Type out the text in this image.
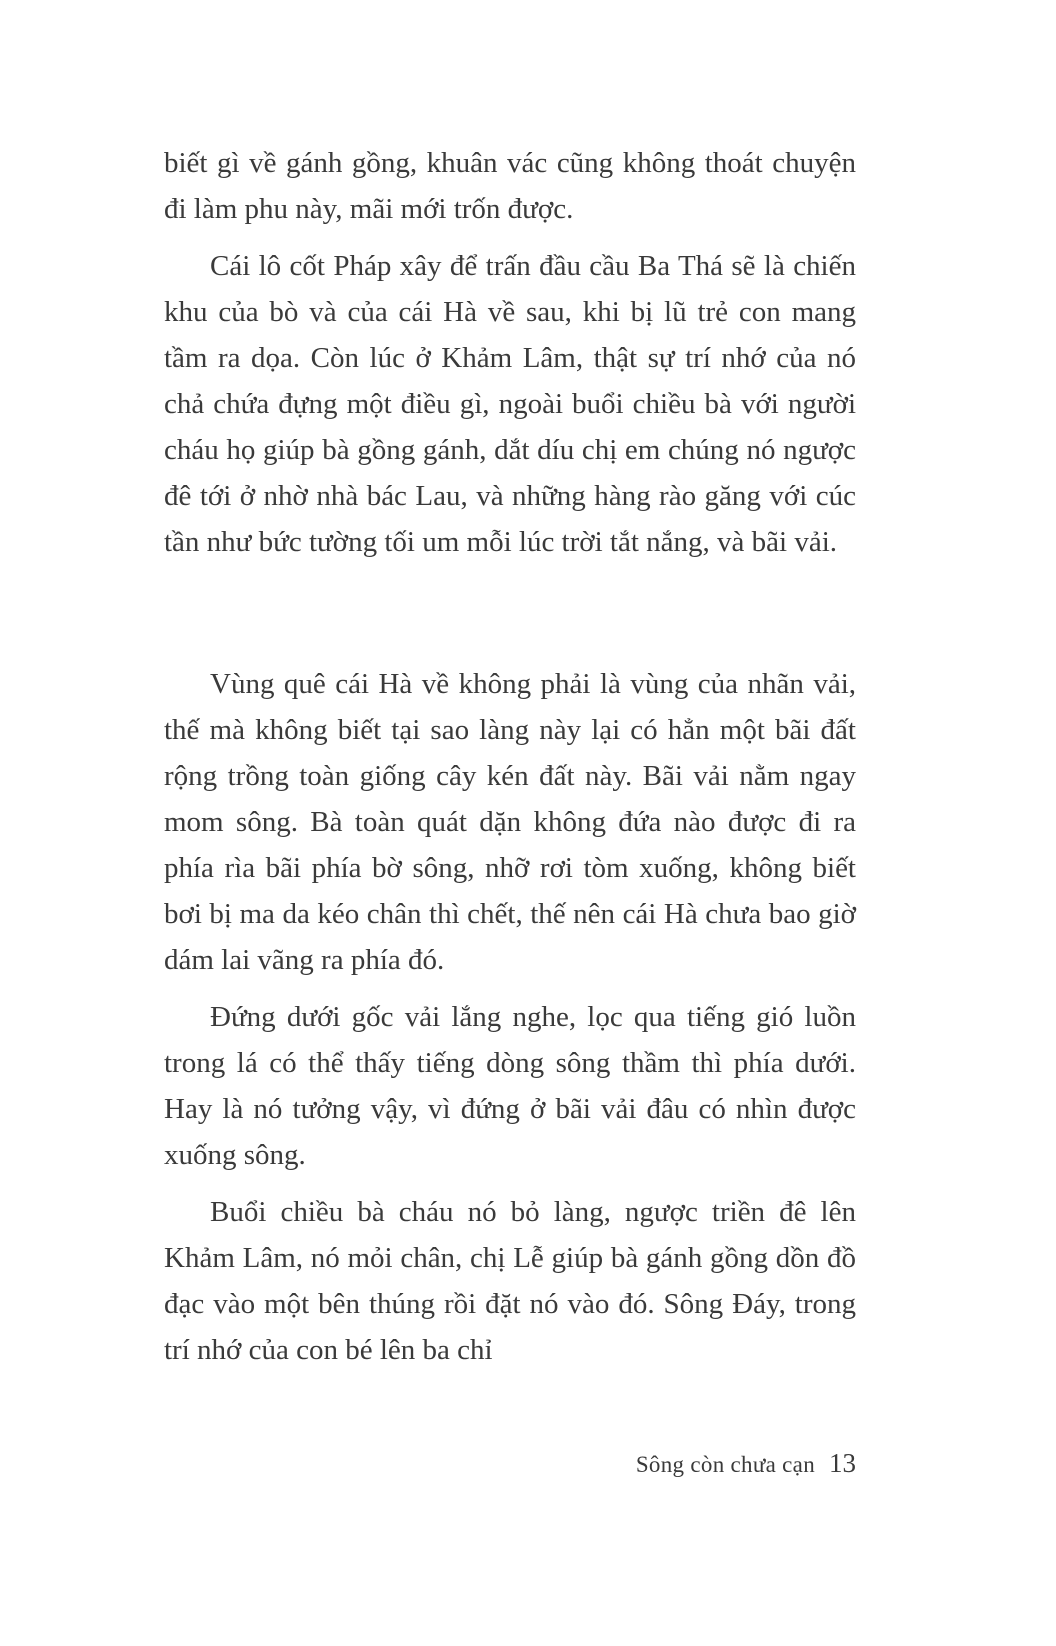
biết gì về gánh gồng, khuân vác cũng không thoát chuyện đi làm phu này, mãi mới trốn được.

Cái lô cốt Pháp xây để trấn đầu cầu Ba Thá sẽ là chiến khu của bò và của cái Hà về sau, khi bị lũ trẻ con mang tầm ra dọa. Còn lúc ở Khảm Lâm, thật sự trí nhớ của nó chả chứa đựng một điều gì, ngoài buổi chiều bà với người cháu họ giúp bà gồng gánh, dắt díu chị em chúng nó ngược đê tới ở nhờ nhà bác Lau, và những hàng rào găng với cúc tần như bức tường tối um mỗi lúc trời tắt nắng, và bãi vải.

Vùng quê cái Hà về không phải là vùng của nhãn vải, thế mà không biết tại sao làng này lại có hẳn một bãi đất rộng trồng toàn giống cây kén đất này. Bãi vải nằm ngay mom sông. Bà toàn quát dặn không đứa nào được đi ra phía rìa bãi phía bờ sông, nhỡ rơi tòm xuống, không biết bơi bị ma da kéo chân thì chết, thế nên cái Hà chưa bao giờ dám lai vãng ra phía đó.

Đứng dưới gốc vải lắng nghe, lọc qua tiếng gió luồn trong lá có thể thấy tiếng dòng sông thầm thì phía dưới. Hay là nó tưởng vậy, vì đứng ở bãi vải đâu có nhìn được xuống sông.

Buổi chiều bà cháu nó bỏ làng, ngược triền đê lên Khảm Lâm, nó mỏi chân, chị Lễ giúp bà gánh gồng dồn đồ đạc vào một bên thúng rồi đặt nó vào đó. Sông Đáy, trong trí nhớ của con bé lên ba chỉ

Sông còn chưa cạn 13
